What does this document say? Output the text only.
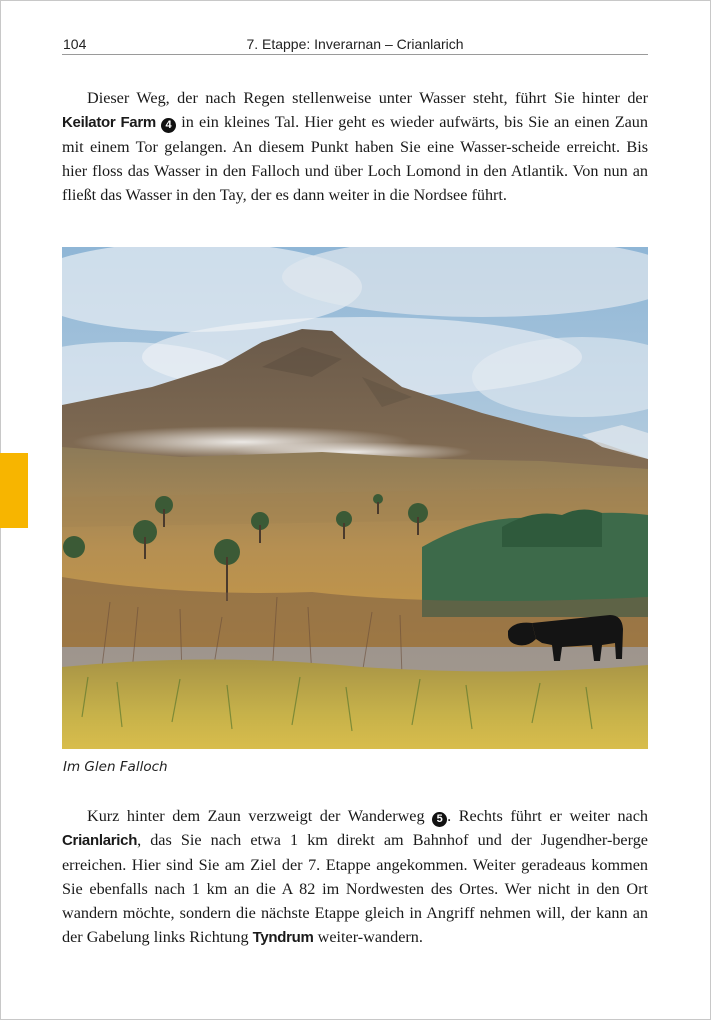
104	7. Etappe: Inverarnan – Crianlarich

Dieser Weg, der nach Regen stellenweise unter Wasser steht, führt Sie hinter der Keilator Farm 4 in ein kleines Tal. Hier geht es wieder aufwärts, bis Sie an einen Zaun mit einem Tor gelangen. An diesem Punkt haben Sie eine Wasser-scheide erreicht. Bis hier floss das Wasser in den Falloch und über Loch Lomond in den Atlantik. Von nun an fließt das Wasser in den Tay, der es dann weiter in die Nordsee führt.

Im Glen Falloch

Kurz hinter dem Zaun verzweigt der Wanderweg 5 . Rechts führt er weiter nach Crianlarich, das Sie nach etwa 1 km direkt am Bahnhof und der Jugendher-berge erreichen. Hier sind Sie am Ziel der 7. Etappe angekommen. Weiter geradeaus kommen Sie ebenfalls nach 1 km an die A 82 im Nordwesten des Ortes. Wer nicht in den Ort wandern möchte, sondern die nächste Etappe gleich in Angriff nehmen will, der kann an der Gabelung links Richtung Tyndrum weiter-wandern.
